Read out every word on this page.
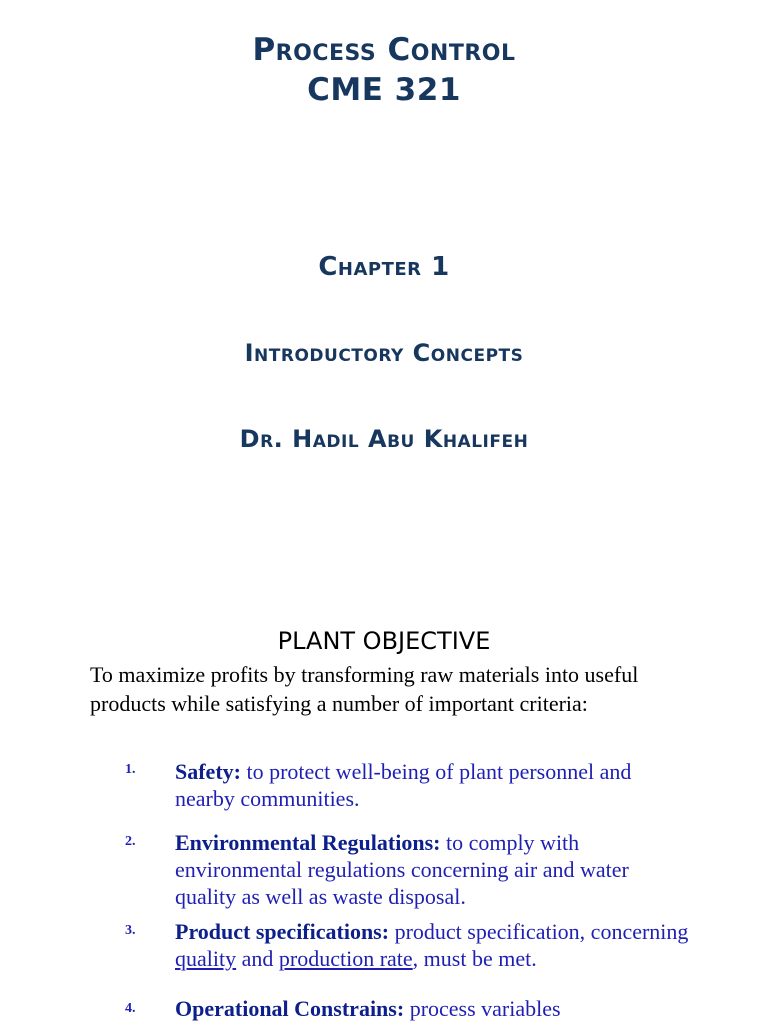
Process Control
CME 321
Chapter 1
Introductory Concepts
Dr. Hadil Abu Khalifeh
PLANT OBJECTIVE

To maximize profits by transforming raw materials into useful products while satisfying a number of important criteria:

1.	Safety: to protect well-being of plant personnel and nearby communities.

2.	Environmental Regulations: to comply with environmental regulations concerning air and water quality as well as waste disposal.

3.	Product specifications: product specification, concerning quality and production rate, must be met.

4.	Operational Constrains: process variables
